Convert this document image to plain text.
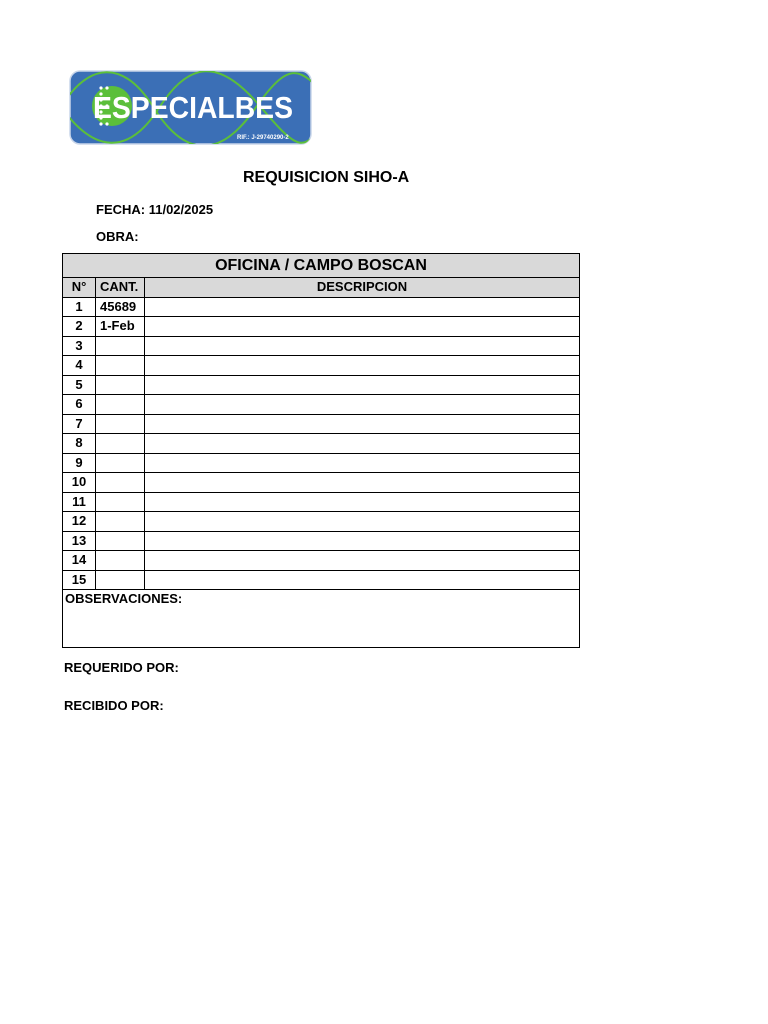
ESPECIALBES
RIF.: J-29740290-2
REQUISICION SIHO-A
FECHA: 11/02/2025
OBRA:
OFICINA / CAMPO BOSCAN		
N°	CANT.	DESCRIPCION
1	45689	
2	1-Feb	
3		
4		
5		
6		
7		
8		
9		
10		
11		
12		
13		
14		
15		
OBSERVACIONES:		
REQUERIDO POR:
RECIBIDO POR:
